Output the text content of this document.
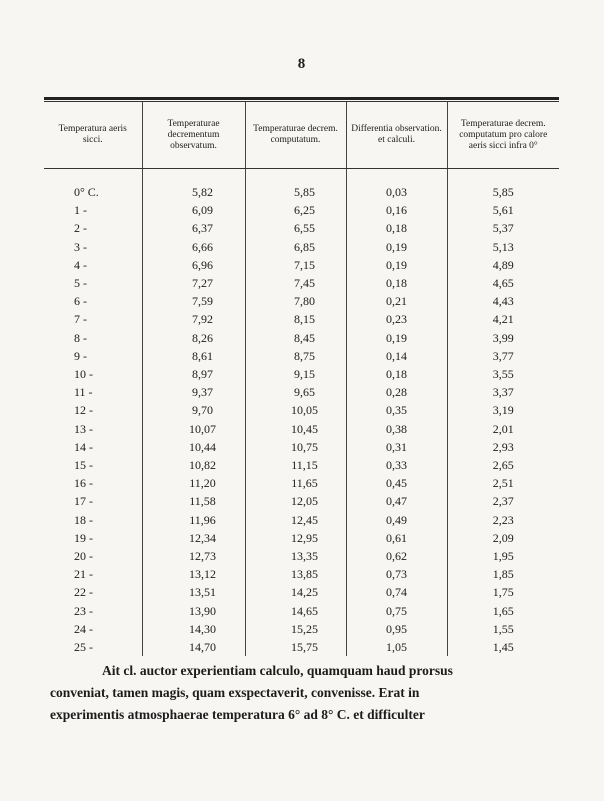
8
Temperatura aeris sicci.	Temperaturae decrementum observatum.	Temperaturae decrem. computatum.	Differentia observation. et calculi.	Temperaturae decrem. computatum pro calore aeris sicci infra 0°
0° C.	5,82	5,85	0,03	5,85
1 -	6,09	6,25	0,16	5,61
2 -	6,37	6,55	0,18	5,37
3 -	6,66	6,85	0,19	5,13
4 -	6,96	7,15	0,19	4,89
5 -	7,27	7,45	0,18	4,65
6 -	7,59	7,80	0,21	4,43
7 -	7,92	8,15	0,23	4,21
8 -	8,26	8,45	0,19	3,99
9 -	8,61	8,75	0,14	3,77
10 -	8,97	9,15	0,18	3,55
11 -	9,37	9,65	0,28	3,37
12 -	9,70	10,05	0,35	3,19
13 -	10,07	10,45	0,38	2,01
14 -	10,44	10,75	0,31	2,93
15 -	10,82	11,15	0,33	2,65
16 -	11,20	11,65	0,45	2,51
17 -	11,58	12,05	0,47	2,37
18 -	11,96	12,45	0,49	2,23
19 -	12,34	12,95	0,61	2,09
20 -	12,73	13,35	0,62	1,95
21 -	13,12	13,85	0,73	1,85
22 -	13,51	14,25	0,74	1,75
23 -	13,90	14,65	0,75	1,65
24 -	14,30	15,25	0,95	1,55
25 -	14,70	15,75	1,05	1,45
Ait cl. auctor experientiam calculo, quamquam haud prorsus
conveniat, tamen magis, quam exspectaverit, convenisse. Erat in
experimentis atmosphaerae temperatura 6° ad 8° C. et difficulter
